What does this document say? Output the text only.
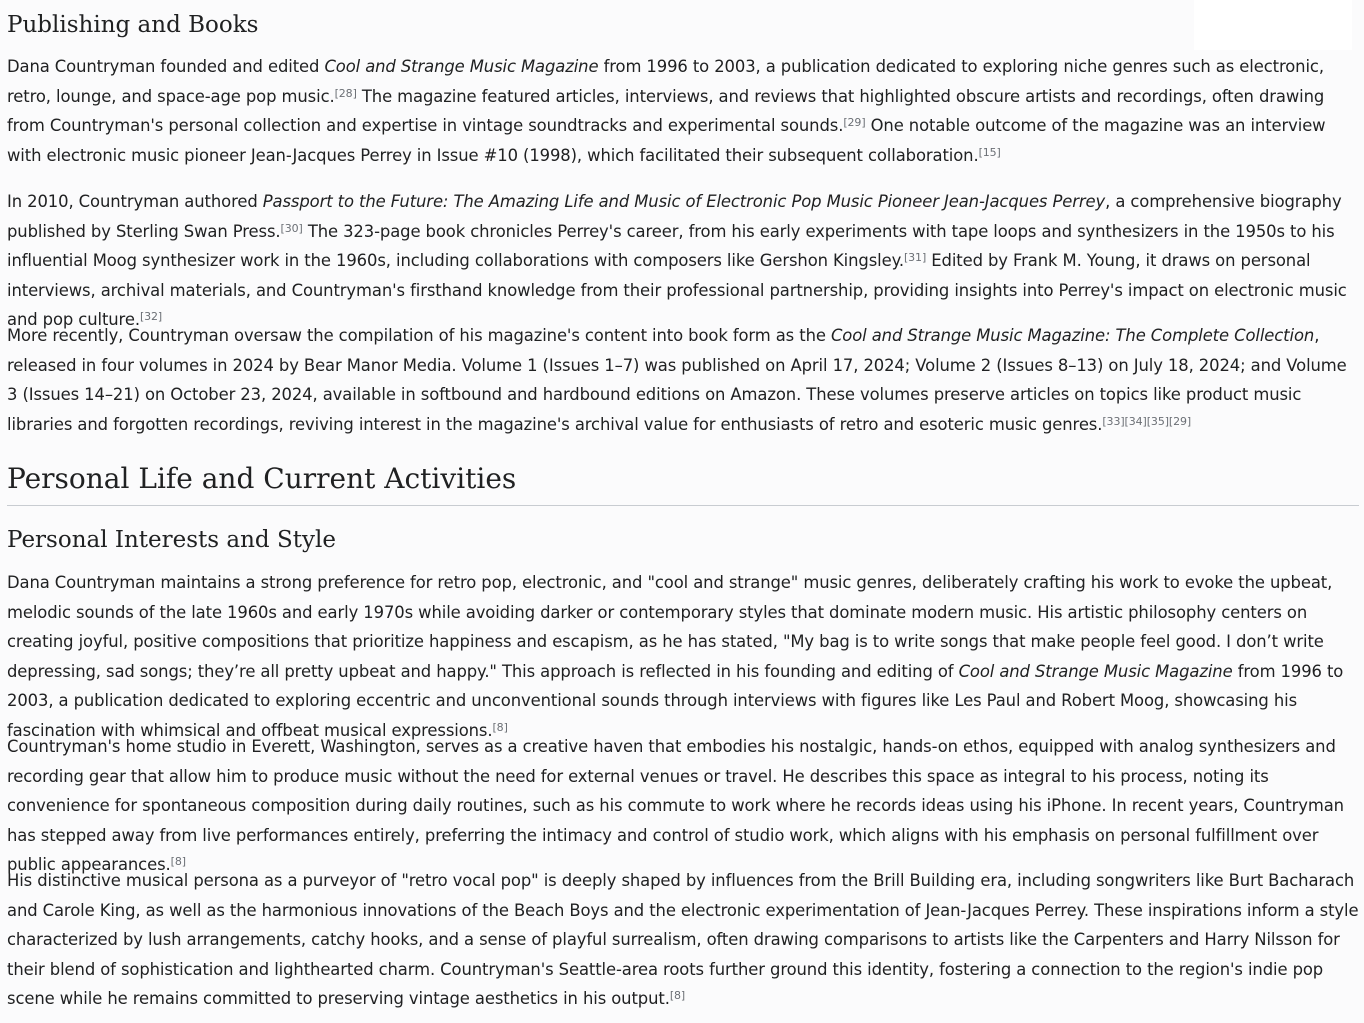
Publishing and Books

Dana Countryman founded and edited Cool and Strange Music Magazine from 1996 to 2003, a publication dedicated to exploring niche genres such as electronic, retro, lounge, and space-age pop music.[28] The magazine featured articles, interviews, and reviews that highlighted obscure artists and recordings, often drawing from Countryman's personal collection and expertise in vintage soundtracks and experimental sounds.[29] One notable outcome of the magazine was an interview with electronic music pioneer Jean-Jacques Perrey in Issue #10 (1998), which facilitated their subsequent collaboration.[15]

In 2010, Countryman authored Passport to the Future: The Amazing Life and Music of Electronic Pop Music Pioneer Jean-Jacques Perrey, a comprehensive biography published by Sterling Swan Press.[30] The 323-page book chronicles Perrey's career, from his early experiments with tape loops and synthesizers in the 1950s to his influential Moog synthesizer work in the 1960s, including collaborations with composers like Gershon Kingsley.[31] Edited by Frank M. Young, it draws on personal interviews, archival materials, and Countryman's firsthand knowledge from their professional partnership, providing insights into Perrey's impact on electronic music and pop culture.[32]

More recently, Countryman oversaw the compilation of his magazine's content into book form as the Cool and Strange Music Magazine: The Complete Collection, released in four volumes in 2024 by Bear Manor Media. Volume 1 (Issues 1–7) was published on April 17, 2024; Volume 2 (Issues 8–13) on July 18, 2024; and Volume 3 (Issues 14–21) on October 23, 2024, available in softbound and hardbound editions on Amazon. These volumes preserve articles on topics like product music libraries and forgotten recordings, reviving interest in the magazine's archival value for enthusiasts of retro and esoteric music genres.[33][34][35][29]

Personal Life and Current Activities
Personal Interests and Style

Dana Countryman maintains a strong preference for retro pop, electronic, and "cool and strange" music genres, deliberately crafting his work to evoke the upbeat, melodic sounds of the late 1960s and early 1970s while avoiding darker or contemporary styles that dominate modern music. His artistic philosophy centers on creating joyful, positive compositions that prioritize happiness and escapism, as he has stated, "My bag is to write songs that make people feel good. I don’t write depressing, sad songs; they’re all pretty upbeat and happy." This approach is reflected in his founding and editing of Cool and Strange Music Magazine from 1996 to 2003, a publication dedicated to exploring eccentric and unconventional sounds through interviews with figures like Les Paul and Robert Moog, showcasing his fascination with whimsical and offbeat musical expressions.[8]

Countryman's home studio in Everett, Washington, serves as a creative haven that embodies his nostalgic, hands-on ethos, equipped with analog synthesizers and recording gear that allow him to produce music without the need for external venues or travel. He describes this space as integral to his process, noting its convenience for spontaneous composition during daily routines, such as his commute to work where he records ideas using his iPhone. In recent years, Countryman has stepped away from live performances entirely, preferring the intimacy and control of studio work, which aligns with his emphasis on personal fulfillment over public appearances.[8]

His distinctive musical persona as a purveyor of "retro vocal pop" is deeply shaped by influences from the Brill Building era, including songwriters like Burt Bacharach and Carole King, as well as the harmonious innovations of the Beach Boys and the electronic experimentation of Jean-Jacques Perrey. These inspirations inform a style characterized by lush arrangements, catchy hooks, and a sense of playful surrealism, often drawing comparisons to artists like the Carpenters and Harry Nilsson for their blend of sophistication and lighthearted charm. Countryman's Seattle-area roots further ground this identity, fostering a connection to the region's indie pop scene while he remains committed to preserving vintage aesthetics in his output.[8]
